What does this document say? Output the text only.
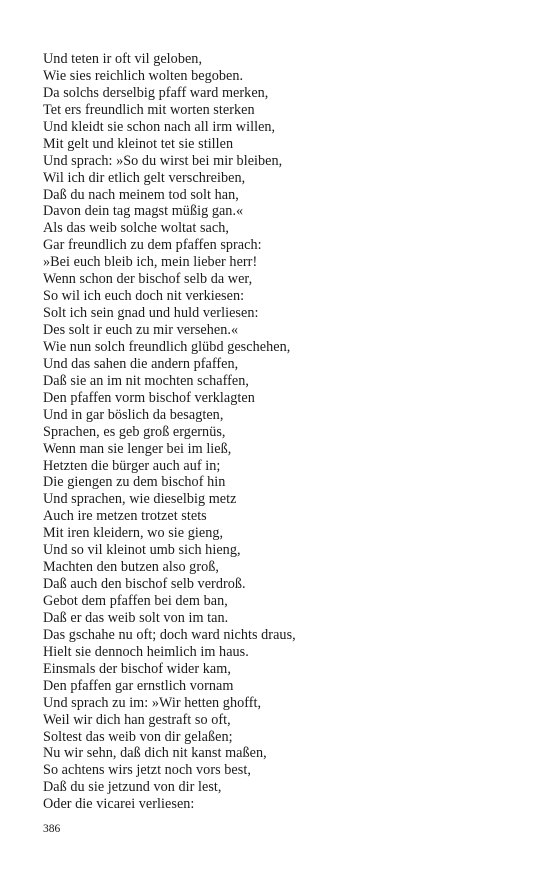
Und teten ir oft vil geloben,
Wie sies reichlich wolten begoben.
Da solchs derselbig pfaff ward merken,
Tet ers freundlich mit worten sterken
Und kleidt sie schon nach all irm willen,
Mit gelt und kleinot tet sie stillen
Und sprach: »So du wirst bei mir bleiben,
Wil ich dir etlich gelt verschreiben,
Daß du nach meinem tod solt han,
Davon dein tag magst müßig gan.«
Als das weib solche woltat sach,
Gar freundlich zu dem pfaffen sprach:
»Bei euch bleib ich, mein lieber herr!
Wenn schon der bischof selb da wer,
So wil ich euch doch nit verkiesen:
Solt ich sein gnad und huld verliesen:
Des solt ir euch zu mir versehen.«
Wie nun solch freundlich glübd geschehen,
Und das sahen die andern pfaffen,
Daß sie an im nit mochten schaffen,
Den pfaffen vorm bischof verklagten
Und in gar böslich da besagten,
Sprachen, es geb groß ergernüs,
Wenn man sie lenger bei im ließ,
Hetzten die bürger auch auf in;
Die giengen zu dem bischof hin
Und sprachen, wie dieselbig metz
Auch ire metzen trotzet stets
Mit iren kleidern, wo sie gieng,
Und so vil kleinot umb sich hieng,
Machten den butzen also groß,
Daß auch den bischof selb verdroß.
Gebot dem pfaffen bei dem ban,
Daß er das weib solt von im tan.
Das gschahe nu oft; doch ward nichts draus,
Hielt sie dennoch heimlich im haus.
Einsmals der bischof wider kam,
Den pfaffen gar ernstlich vornam
Und sprach zu im: »Wir hetten ghofft,
Weil wir dich han gestraft so oft,
Soltest das weib von dir gelaßen;
Nu wir sehn, daß dich nit kanst maßen,
So achtens wirs jetzt noch vors best,
Daß du sie jetzund von dir lest,
Oder die vicarei verliesen:
386
